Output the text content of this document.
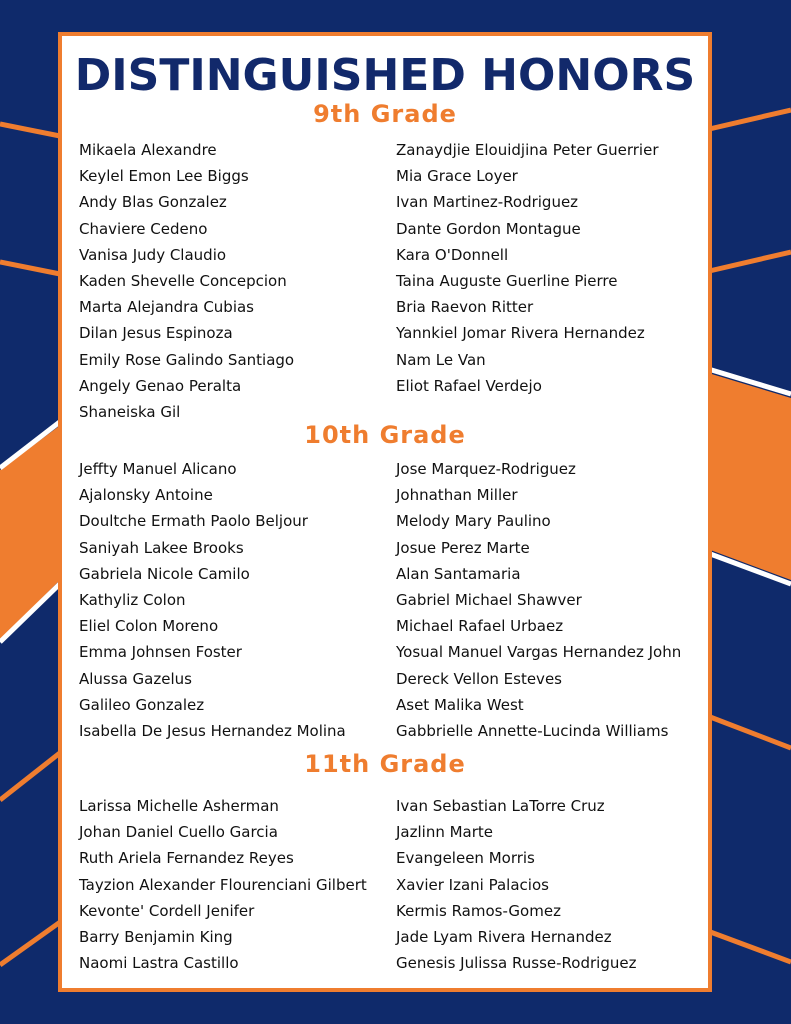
DISTINGUISHED HONORS
9th Grade
Mikaela Alexandre
Keylel Emon Lee Biggs
Andy Blas Gonzalez
Chaviere Cedeno
Vanisa Judy Claudio
Kaden Shevelle Concepcion
Marta Alejandra Cubias
Dilan Jesus Espinoza
Emily Rose Galindo Santiago
Angely Genao Peralta
Shaneiska Gil
Zanaydjie Elouidjina Peter Guerrier
Mia Grace Loyer
Ivan Martinez-Rodriguez
Dante Gordon Montague
Kara O'Donnell
Taina Auguste Guerline Pierre
Bria Raevon Ritter
Yannkiel Jomar Rivera Hernandez
Nam Le Van
Eliot Rafael Verdejo
10th Grade
Jeffty Manuel Alicano
Ajalonsky Antoine
Doultche Ermath Paolo Beljour
Saniyah Lakee Brooks
Gabriela Nicole Camilo
Kathyliz Colon
Eliel Colon Moreno
Emma Johnsen Foster
Alussa Gazelus
Galileo Gonzalez
Isabella De Jesus Hernandez Molina
Jose Marquez-Rodriguez
Johnathan Miller
Melody Mary Paulino
Josue Perez Marte
Alan Santamaria
Gabriel Michael Shawver
Michael Rafael Urbaez
Yosual Manuel Vargas Hernandez John
Dereck Vellon Esteves
Aset Malika West
Gabbrielle Annette-Lucinda Williams
11th Grade
Larissa Michelle Asherman
Johan Daniel Cuello Garcia
Ruth Ariela Fernandez Reyes
Tayzion Alexander Flourenciani Gilbert
Kevonte' Cordell Jenifer
Barry Benjamin King
Naomi Lastra Castillo
Ivan Sebastian LaTorre Cruz
Jazlinn Marte
Evangeleen Morris
Xavier Izani Palacios
Kermis Ramos-Gomez
Jade Lyam Rivera Hernandez
Genesis Julissa Russe-Rodriguez
